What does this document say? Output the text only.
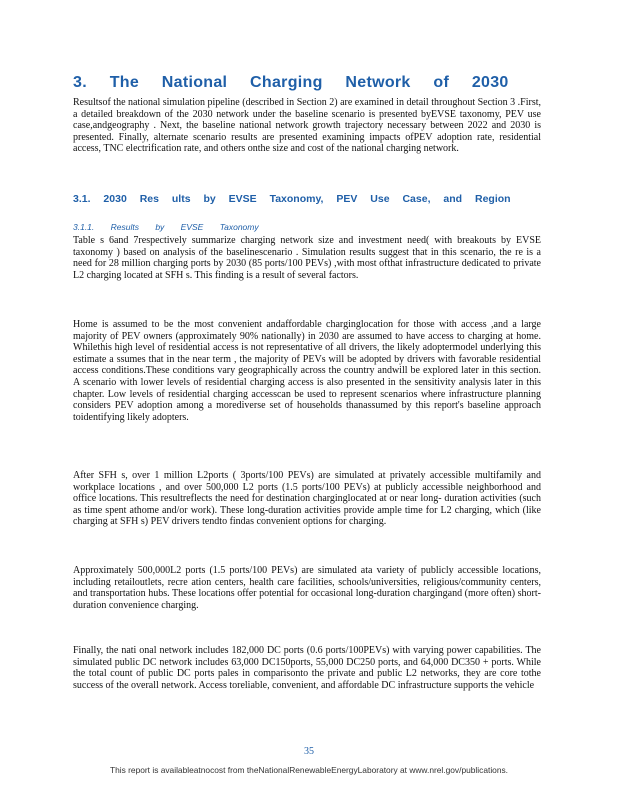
3. The National Charging Network of 2030

Resultsof the national simulation pipeline (described in Section 2) are examined in detail throughout Section 3 .First, a detailed breakdown of the 2030 network under the baseline scenario is presented byEVSE taxonomy, PEV use case,andgeography . Next, the baseline national network growth trajectory necessary between 2022 and 2030 is presented. Finally, alternate scenario results are presented examining impacts ofPEV adoption rate, residential access, TNC electrification rate, and others onthe size and cost of the national charging network.

3.1. 2030 Res ults by EVSE Taxonomy, PEV Use Case, and Region
3.1.1. Results by EVSE Taxonomy

Table s 6and 7respectively summarize charging network size and investment need( with breakouts by EVSE taxonomy ) based on analysis of the baselinescenario . Simulation results suggest that in this scenario, the re is a need for 28 million charging ports by 2030 (85 ports/100 PEVs) ,with most ofthat infrastructure dedicated to private L2 charging located at SFH s. This finding is a result of several factors.

Home is assumed to be the most convenient andaffordable charginglocation for those with access ,and a large majority of PEV owners (approximately 90% nationally) in 2030 are assumed to have access to charging at home. Whilethis high level of residential access is not representative of all drivers, the likely adoptermodel underlying this estimate a ssumes that in the near term , the majority of PEVs will be adopted by drivers with favorable residential access conditions.These conditions vary geographically across the country andwill be explored later in this section. A scenario with lower levels of residential charging access is also presented in the sensitivity analysis later in this chapter. Low levels of residential charging accesscan be used to represent scenarios where infrastructure planning considers PEV adoption among a morediverse set of households thanassumed by this report's baseline approach toidentifying likely adopters.

After SFH s, over 1 million L2ports ( 3ports/100 PEVs) are simulated at privately accessible multifamily and workplace locations , and over 500,000 L2 ports (1.5 ports/100 PEVs) at publicly accessible neighborhood and office locations. This resultreflects the need for destination charginglocated at or near long- duration activities (such as time spent athome and/or work). These long-duration activities provide ample time for L2 charging, which (like charging at SFH s) PEV drivers tendto findas convenient options for charging.

Approximately 500,000L2 ports (1.5 ports/100 PEVs) are simulated ata variety of publicly accessible locations, including retailoutlets, recre ation centers, health care facilities, schools/universities, religious/community centers, and transportation hubs. These locations offer potential for occasional long-duration chargingand (more often) short-duration convenience charging.

Finally, the nati onal network includes 182,000 DC ports (0.6 ports/100PEVs) with varying power capabilities. The simulated public DC network includes 63,000 DC150ports, 55,000 DC250 ports, and 64,000 DC350 + ports. While the total count of public DC ports pales in comparisonto the private and public L2 networks, they are core tothe success of the overall network. Access toreliable, convenient, and affordable DC infrastructure supports the vehicle

35
This report is availableatnocost from theNationalRenewableEnergyLaboratory at www.nrel.gov/publications.
